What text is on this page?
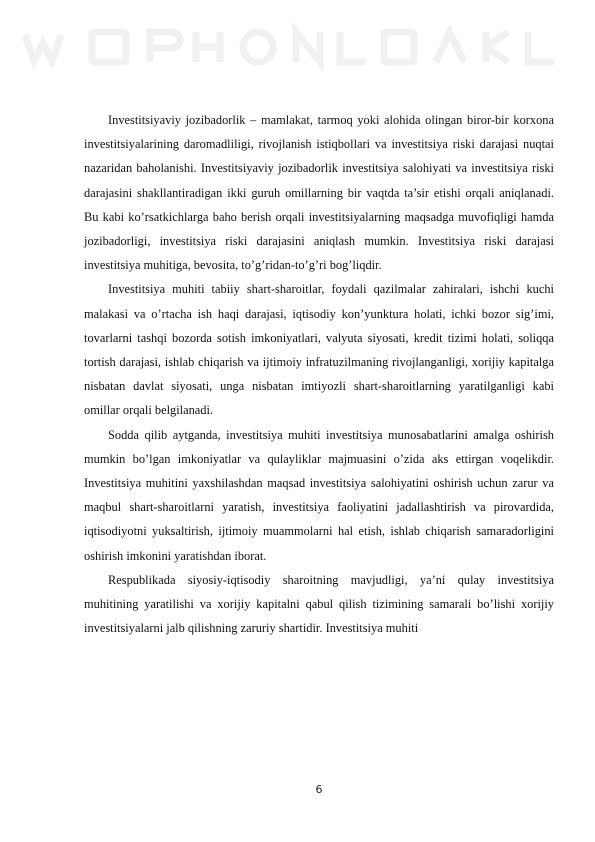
Investitsiyaviy jozibadorlik – mamlakat, tarmoq yoki alohida olingan biror-bir korxona investitsiyalarining daromadliligi, rivojlanish istiqbollari va investitsiya riski darajasi nuqtai nazaridan baholanishi. Investitsiyaviy jozibadorlik investitsiya salohiyati va investitsiya riski darajasini shakllantiradigan ikki guruh omillarning bir vaqtda ta’sir etishi orqali aniqlanadi. Bu kabi ko’rsatkichlarga baho berish orqali investitsiyalarning maqsadga muvofiqligi hamda jozibadorligi, investitsiya riski darajasini aniqlash mumkin. Investitsiya riski darajasi investitsiya muhitiga, bevosita, to’g’ridan-to’g’ri bog’liqdir.

Investitsiya muhiti tabiiy shart-sharoitlar, foydali qazilmalar zahiralari, ishchi kuchi malakasi va o’rtacha ish haqi darajasi, iqtisodiy kon’yunktura holati, ichki bozor sig’imi, tovarlarni tashqi bozorda sotish imkoniyatlari, valyuta siyosati, kredit tizimi holati, soliqqa tortish darajasi, ishlab chiqarish va ijtimoiy infratuzilmaning rivojlanganligi, xorijiy kapitalga nisbatan davlat siyosati, unga nisbatan imtiyozli shart-sharoitlarning yaratilganligi kabi omillar orqali belgilanadi.

Sodda qilib aytganda, investitsiya muhiti investitsiya munosabatlarini amalga oshirish mumkin bo’lgan imkoniyatlar va qulayliklar majmuasini o’zida aks ettirgan voqelikdir. Investitsiya muhitini yaxshilashdan maqsad investitsiya salohiyatini oshirish uchun zarur va maqbul shart-sharoitlarni yaratish, investitsiya faoliyatini jadallashtirish va pirovardida, iqtisodiyotni yuksaltirish, ijtimoiy muammolarni hal etish, ishlab chiqarish samaradorligini oshirish imkonini yaratishdan iborat.

Respublikada siyosiy-iqtisodiy sharoitning mavjudligi, ya’ni qulay investitsiya muhitining yaratilishi va xorijiy kapitalni qabul qilish tizimining samarali bo’lishi xorijiy investitsiyalarni jalb qilishning zaruriy shartidir. Investitsiya muhiti

6
